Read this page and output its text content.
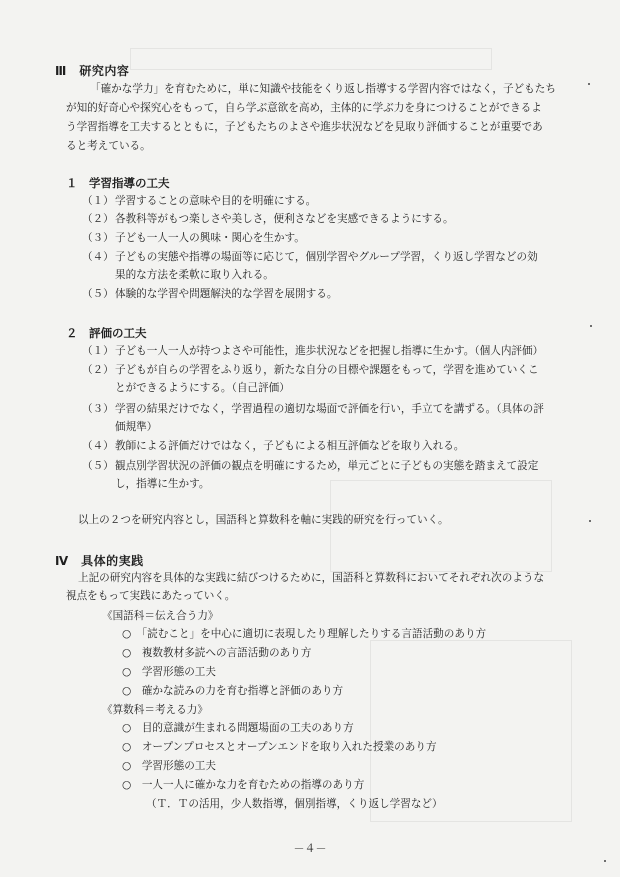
Ⅲ　研究内容
「確かな学力」を育むために，単に知識や技能をくり返し指導する学習内容ではなく，子どもたち
が知的好奇心や探究心をもって，自ら学ぶ意欲を高め，主体的に学ぶ力を身につけることができるよ
う学習指導を工夫するとともに，子どもたちのよさや進歩状況などを見取り評価することが重要であ
ると考えている。
１　学習指導の工夫
（１） 学習することの意味や目的を明確にする。
（２） 各教科等がもつ楽しさや美しさ，便利さなどを実感できるようにする。
（３） 子ども一人一人の興味・関心を生かす。
（４） 子どもの実態や指導の場面等に応じて，個別学習やグループ学習，くり返し学習などの効
果的な方法を柔軟に取り入れる。
（５） 体験的な学習や問題解決的な学習を展開する。
２　評価の工夫
（１） 子ども一人一人が持つよさや可能性，進歩状況などを把握し指導に生かす。（個人内評価）
（２） 子どもが自らの学習をふり返り，新たな自分の目標や課題をもって，学習を進めていくこ
とができるようにする。（自己評価）
（３） 学習の結果だけでなく，学習過程の適切な場面で評価を行い，手立てを講ずる。（具体の評
価規準）
（４） 教師による評価だけではなく，子どもによる相互評価などを取り入れる。
（５） 観点別学習状況の評価の観点を明確にするため，単元ごとに子どもの実態を踏まえて設定
し，指導に生かす。
以上の２つを研究内容とし，国語科と算数科を軸に実践的研究を行っていく。
Ⅳ　具体的実践
上記の研究内容を具体的な実践に結びつけるために，国語科と算数科においてそれぞれ次のような
視点をもって実践にあたっていく。
《国語科＝伝え合う力》
○　「読むこと」を中心に適切に表現したり理解したりする言語活動のあり方
○　複数教材多読への言語活動のあり方
○　学習形態の工夫
○　確かな読みの力を育む指導と評価のあり方
《算数科＝考える力》
○　目的意識が生まれる問題場面の工夫のあり方
○　オープンプロセスとオープンエンドを取り入れた授業のあり方
○　学習形態の工夫
○　一人一人に確かな力を育むための指導のあり方
（Ｔ．Ｔの活用，少人数指導，個別指導，くり返し学習など）
－４－
